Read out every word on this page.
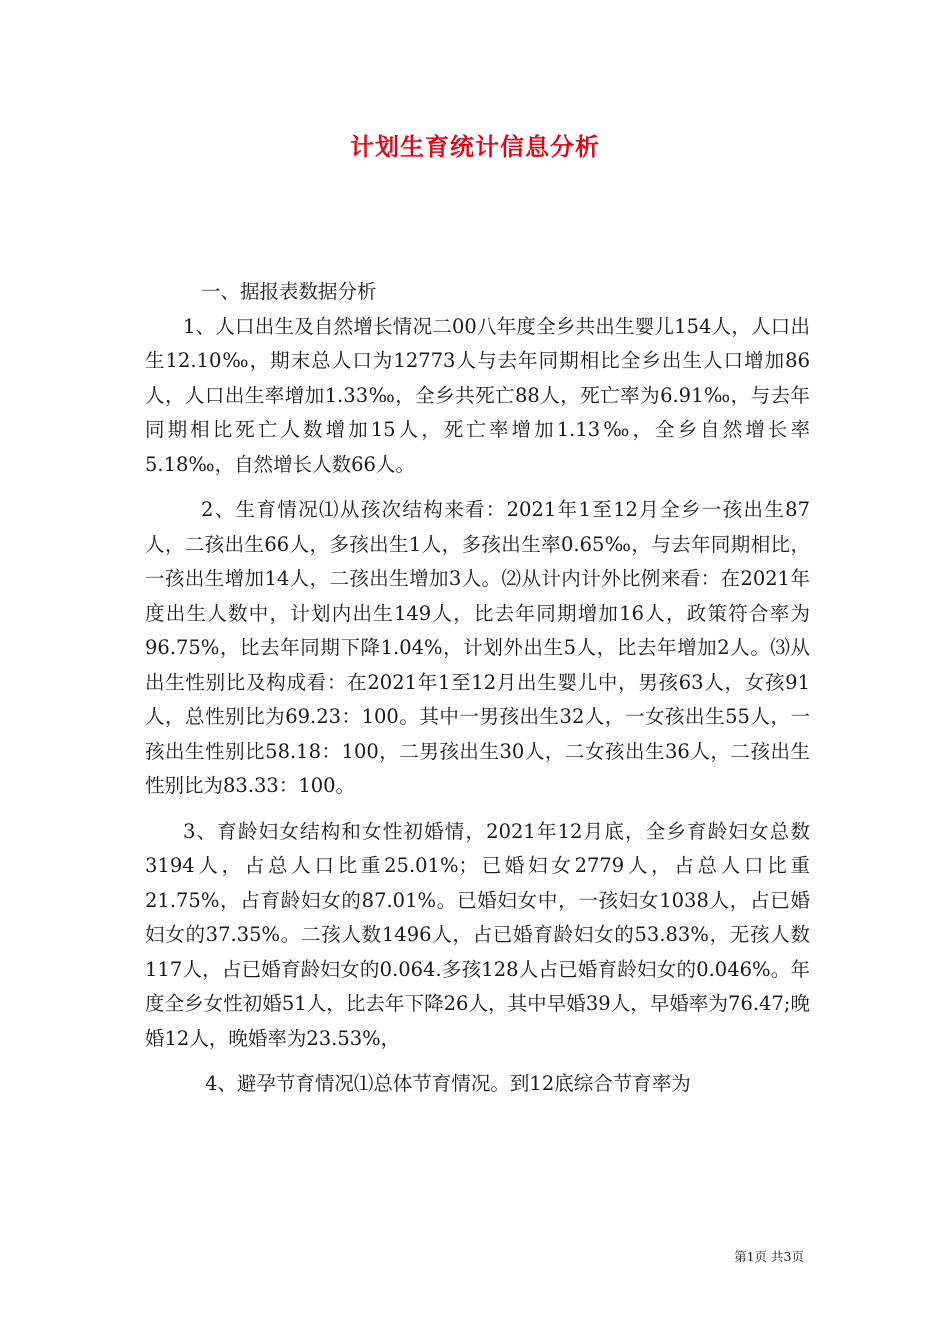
计划生育统计信息分析

一、据报表数据分析

1、人口出生及自然增长情况二00八年度全乡共出生婴儿154人，人口出生12.10‰，期末总人口为12773人与去年同期相比全乡出生人口增加86人，人口出生率增加1.33‰，全乡共死亡88人，死亡率为6.91‰，与去年同期相比死亡人数增加15人，死亡率增加1.13‰，全乡自然增长率5.18‰，自然增长人数66人。

2、生育情况⑴从孩次结构来看：2021年1至12月全乡一孩出生87人，二孩出生66人，多孩出生1人，多孩出生率0.65‰，与去年同期相比，一孩出生增加14人，二孩出生增加3人。⑵从计内计外比例来看：在2021年度出生人数中，计划内出生149人，比去年同期增加16人，政策符合率为96.75%，比去年同期下降1.04%，计划外出生5人，比去年增加2人。⑶从出生性别比及构成看：在2021年1至12月出生婴儿中，男孩63人，女孩91人，总性别比为69.23：100。其中一男孩出生32人，一女孩出生55人，一孩出生性别比58.18：100，二男孩出生30人，二女孩出生36人，二孩出生性别比为83.33：100。

3、育龄妇女结构和女性初婚情，2021年12月底，全乡育龄妇女总数3194人，占总人口比重25.01%；已婚妇女2779人，占总人口比重21.75%，占育龄妇女的87.01%。已婚妇女中，一孩妇女1038人，占已婚妇女的37.35%。二孩人数1496人，占已婚育龄妇女的53.83%，无孩人数117人，占已婚育龄妇女的0.064.多孩128人占已婚育龄妇女的0.046%。年度全乡女性初婚51人，比去年下降26人，其中早婚39人，早婚率为76.47;晚婚12人，晚婚率为23.53%，

4、避孕节育情况⑴总体节育情况。到12底综合节育率为

第1页 共3页
